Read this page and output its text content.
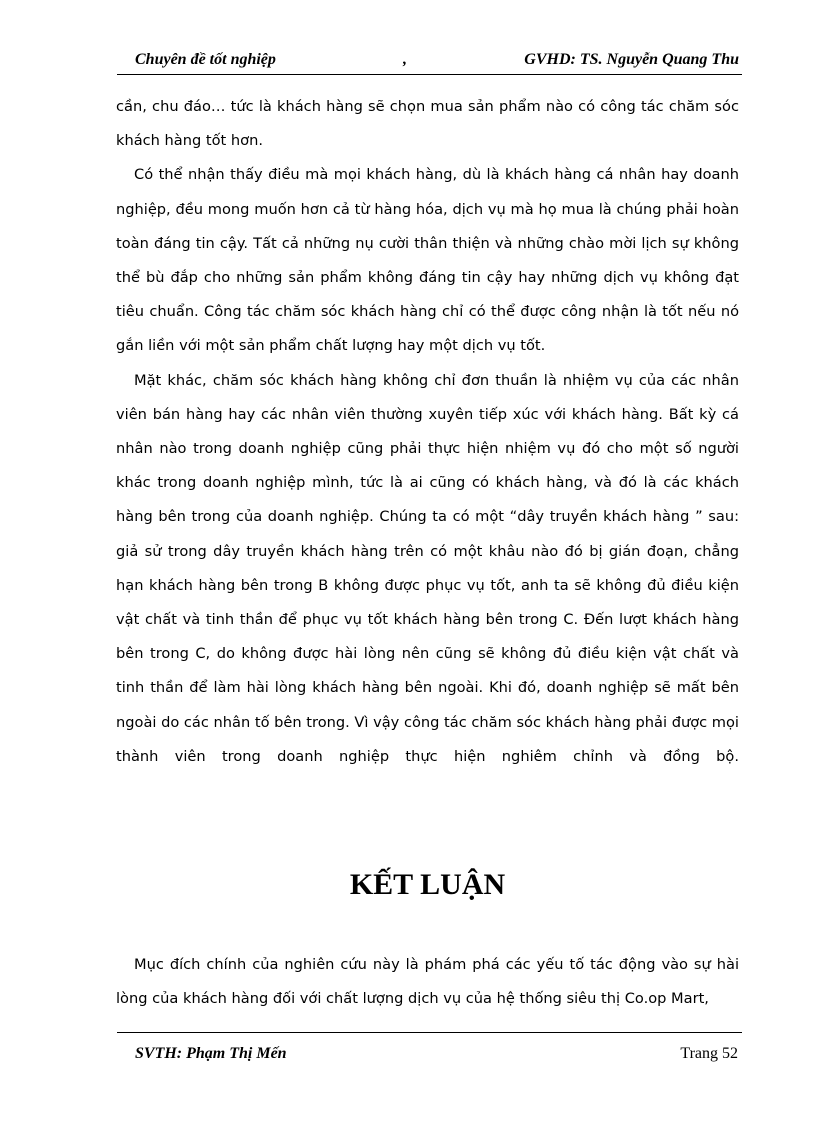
Chuyên đề tốt nghiệp	,	GVHD: TS. Nguyễn Quang Thu

cần, chu đáo… tức là khách hàng sẽ chọn mua sản phẩm nào có công tác chăm sóc khách hàng tốt hơn.

Có thể nhận thấy điều mà mọi khách hàng, dù là khách hàng cá nhân hay doanh nghiệp, đều mong muốn hơn cả từ hàng hóa, dịch vụ mà họ mua là chúng phải hoàn toàn đáng tin cậy. Tất cả những nụ cười thân thiện và những chào mời lịch sự không thể bù đắp cho những sản phẩm không đáng tin cậy hay những dịch vụ không đạt tiêu chuẩn. Công tác chăm sóc khách hàng chỉ có thể được công nhận là tốt nếu nó gắn liền với một sản phẩm chất lượng hay một dịch vụ tốt.

Mặt khác, chăm sóc khách hàng không chỉ đơn thuần là nhiệm vụ của các nhân viên bán hàng hay các nhân viên thường xuyên tiếp xúc với khách hàng. Bất kỳ cá nhân nào trong doanh nghiệp cũng phải thực hiện nhiệm vụ đó cho một số người khác trong doanh nghiệp mình, tức là ai cũng có khách hàng, và đó là các khách hàng bên trong của doanh nghiệp. Chúng ta có một “dây truyền khách hàng ” sau: giả sử trong dây truyền khách hàng trên có một khâu nào đó bị gián đoạn, chẳng hạn khách hàng bên trong B không được phục vụ tốt, anh ta sẽ không đủ điều kiện vật chất và tinh thần để phục vụ tốt khách hàng bên trong C. Đến lượt khách hàng bên trong C, do không được hài lòng nên cũng sẽ không đủ điều kiện vật chất và tinh thần để làm hài lòng khách hàng bên ngoài. Khi đó, doanh nghiệp sẽ mất bên ngoài do các nhân tố bên trong. Vì vậy công tác chăm sóc khách hàng phải được mọi thành viên trong doanh nghiệp thực hiện nghiêm chỉnh và đồng bộ.

KẾT LUẬN

Mục đích chính của nghiên cứu này là phám phá các yếu tố tác động vào sự hài lòng của khách hàng đối với chất lượng dịch vụ của hệ thống siêu thị Co.op Mart,

SVTH: Phạm Thị Mến	Trang 52
